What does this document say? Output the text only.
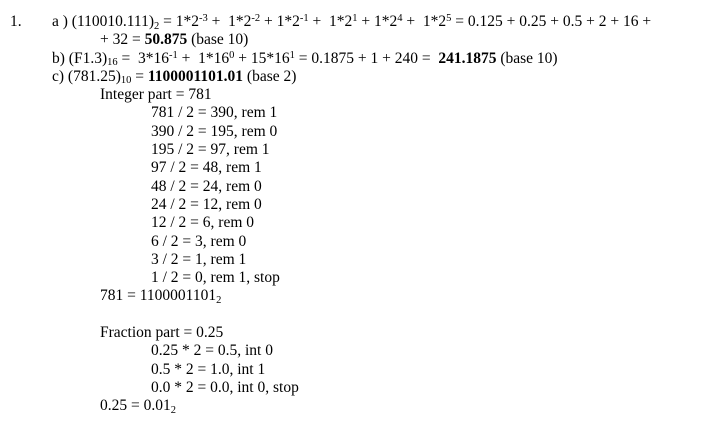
1. a ) $(110010.111)2 = 1*2^{-3} + 1*2^{-2} + 1*2^{-1} + 1*2^1 + 1*2^4 + 1*2^5 = 0.125 + 0.25 + 0.5 + 2 + 16$ +
+ 32 = 50.875 (base 10)
b) $(F1.3)16 = 3*16^{-1} + 1*16^0 + 15*16^1 = 0.1875 + 1 + 240 = 241.1875$ (base 10)
c) (781.25)10 = 1100001101.01 (base 2)
Integer part = 781
781 / 2 = 390, rem 1
390 / 2 = 195, rem 0
195 / 2 = 97, rem 1
97 / 2 = 48, rem 1
48 / 2 = 24, rem 0
24 / 2 = 12, rem 0
12 / 2 = 6, rem 0
6 / 2 = 3, rem 0
3 / 2 = 1, rem 1
1 / 2 = 0, rem 1, stop
781 = 11000011012

Fraction part = 0.25
0.25 * 2 = 0.5, int 0
0.5 * 2 = 1.0, int 1
0.0 * 2 = 0.0, int 0, stop
0.25 = 0.012
